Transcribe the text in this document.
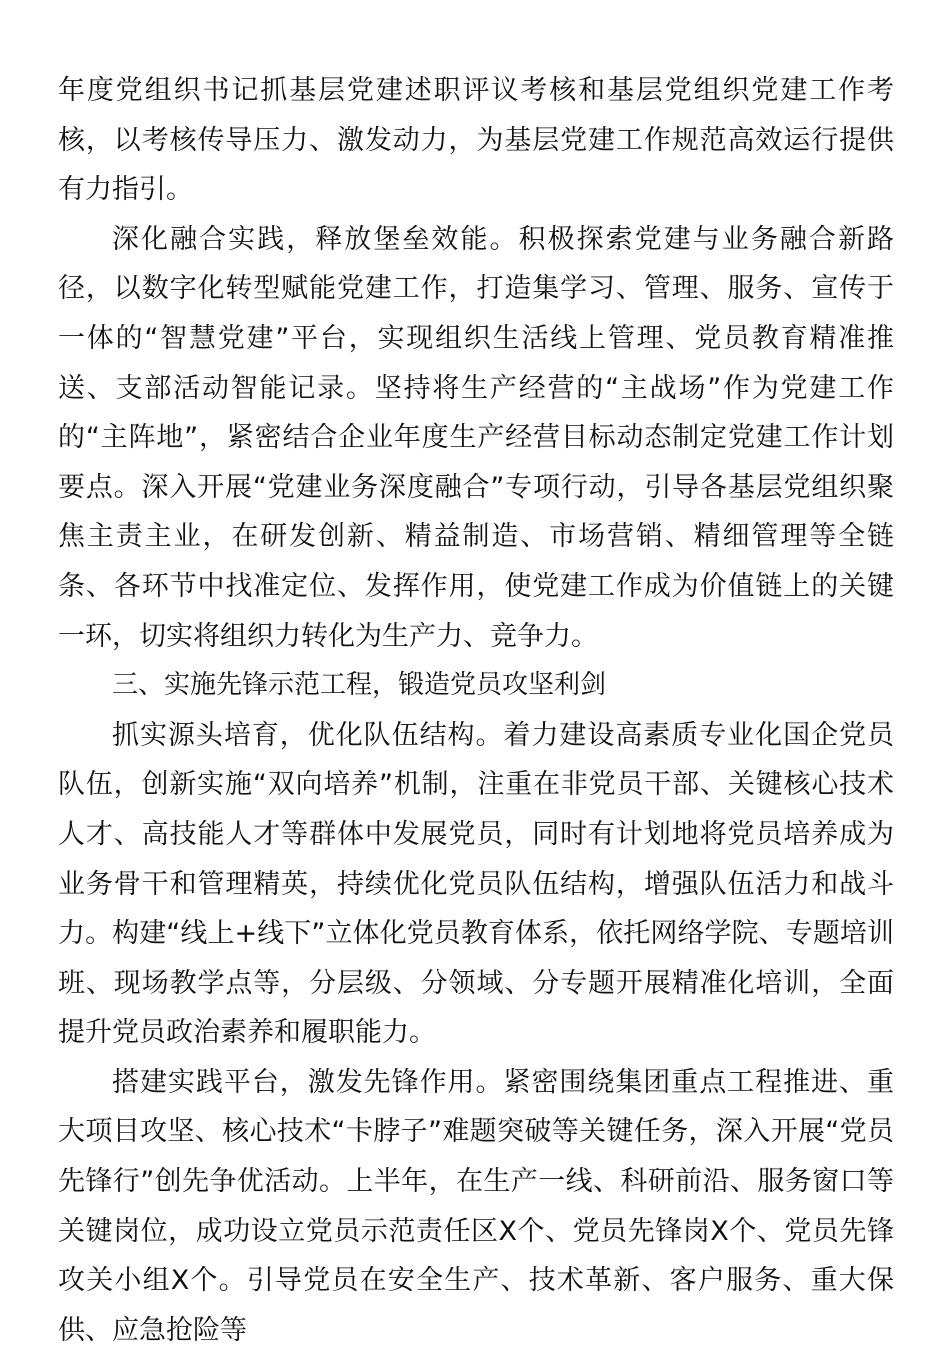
年度党组织书记抓基层党建述职评议考核和基层党组织党建工作考核，以考核传导压力、激发动力，为基层党建工作规范高效运行提供有力指引。

深化融合实践，释放堡垒效能。积极探索党建与业务融合新路径，以数字化转型赋能党建工作，打造集学习、管理、服务、宣传于一体的“智慧党建”平台，实现组织生活线上管理、党员教育精准推送、支部活动智能记录。坚持将生产经营的“主战场”作为党建工作的“主阵地”，紧密结合企业年度生产经营目标动态制定党建工作计划要点。深入开展“党建业务深度融合”专项行动，引导各基层党组织聚焦主责主业，在研发创新、精益制造、市场营销、精细管理等全链条、各环节中找准定位、发挥作用，使党建工作成为价值链上的关键一环，切实将组织力转化为生产力、竞争力。

三、实施先锋示范工程，锻造党员攻坚利剑

抓实源头培育，优化队伍结构。着力建设高素质专业化国企党员队伍，创新实施“双向培养”机制，注重在非党员干部、关键核心技术人才、高技能人才等群体中发展党员，同时有计划地将党员培养成为业务骨干和管理精英，持续优化党员队伍结构，增强队伍活力和战斗力。构建“线上+线下”立体化党员教育体系，依托网络学院、专题培训班、现场教学点等，分层级、分领域、分专题开展精准化培训，全面提升党员政治素养和履职能力。

搭建实践平台，激发先锋作用。紧密围绕集团重点工程推进、重大项目攻坚、核心技术“卡脖子”难题突破等关键任务，深入开展“党员先锋行”创先争优活动。上半年，在生产一线、科研前沿、服务窗口等关键岗位，成功设立党员示范责任区X个、党员先锋岗X个、党员先锋攻关小组X个。引导党员在安全生产、技术革新、客户服务、重大保供、应急抢险等
